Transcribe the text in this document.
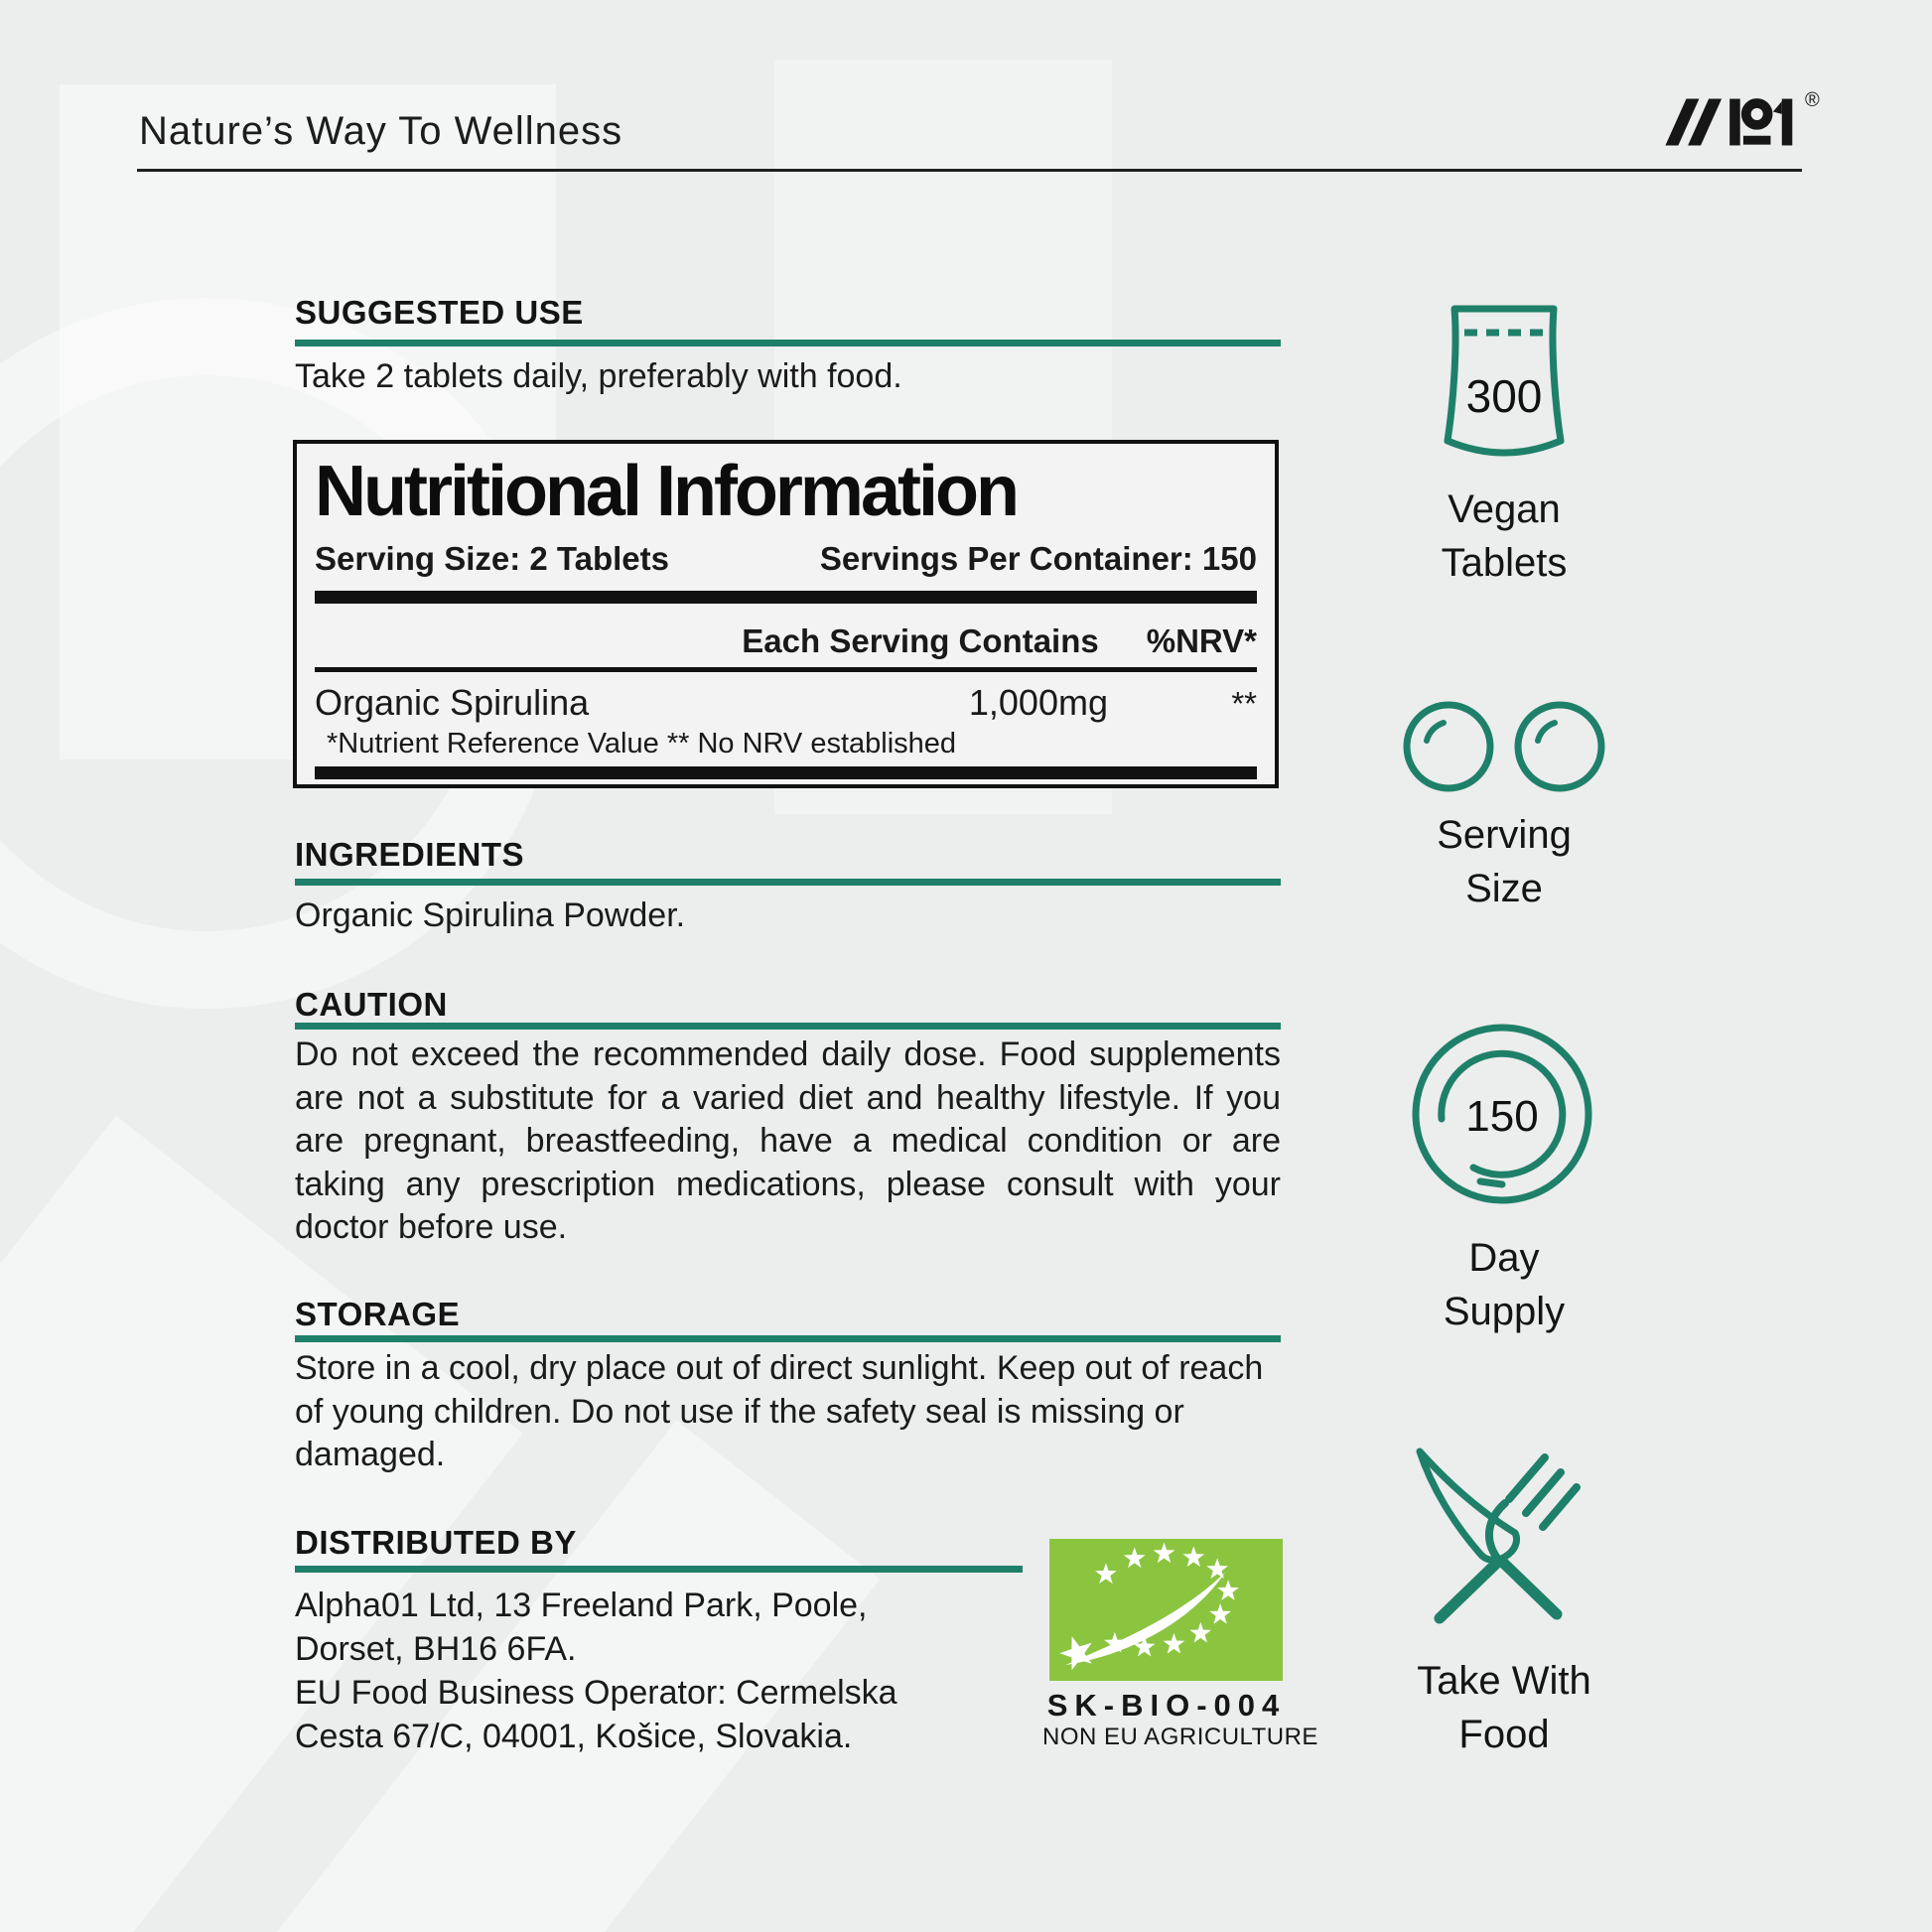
Nature’s Way To Wellness
®
SUGGESTED USE
Take 2 tablets daily, preferably with food.
Nutritional Information
Serving Size: 2 Tablets	Servings Per Container: 150
Each Serving Contains %NRV*
Organic Spirulina	1,000mg	**
*Nutrient Reference Value ** No NRV established
INGREDIENTS
Organic Spirulina Powder.
CAUTION
Do not exceed the recommended daily dose. Food supplements are not a substitute for a varied diet and healthy lifestyle. If you are pregnant, breastfeeding, have a medical condition or are taking any prescription medications, please consult with your doctor before use.
STORAGE
Store in a cool, dry place out of direct sunlight. Keep out of reach of young children. Do not use if the safety seal is missing or damaged.
DISTRIBUTED BY
Alpha01 Ltd, 13 Freeland Park, Poole,
Dorset, BH16 6FA.
EU Food Business Operator: Cermelska
Cesta 67/C, 04001, Košice, Slovakia.
SK-BIO-004
NON EU AGRICULTURE
300
Vegan
Tablets
Serving
Size
150
Day
Supply
Take With
Food
